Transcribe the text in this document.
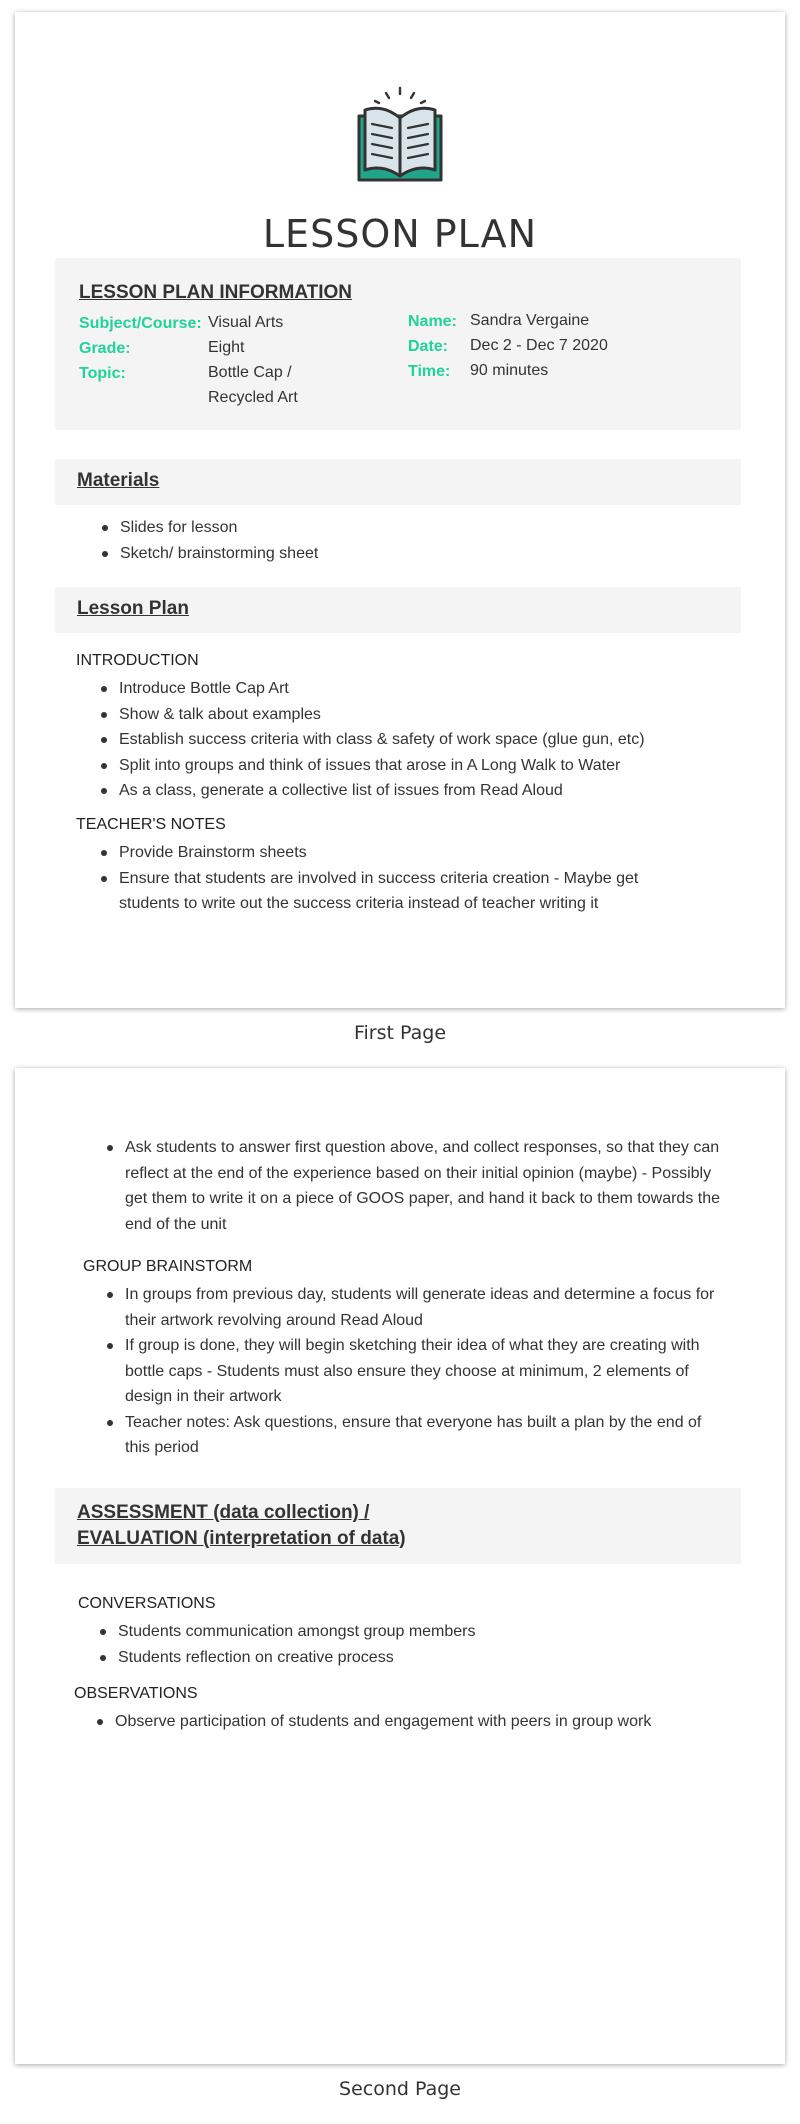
LESSON PLAN
LESSON PLAN INFORMATION
Subject/Course: Visual Arts
Grade:	Eight
Topic:	Bottle Cap /
Recycled Art
Name: Sandra Vergaine
Date: Dec 2 - Dec 7 2020
Time: 90 minutes
Materials
Slides for lesson
Sketch/ brainstorming sheet
Lesson Plan
INTRODUCTION
Introduce Bottle Cap Art
Show & talk about examples
Establish success criteria with class & safety of work space (glue gun, etc)
Split into groups and think of issues that arose in A Long Walk to Water
As a class, generate a collective list of issues from Read Aloud
TEACHER'S NOTES
Provide Brainstorm sheets
Ensure that students are involved in success criteria creation - Maybe get students to write out the success criteria instead of teacher writing it
First Page
Ask students to answer first question above, and collect responses, so that they can reflect at the end of the experience based on their initial opinion (maybe) - Possibly get them to write it on a piece of GOOS paper, and hand it back to them towards the end of the unit
GROUP BRAINSTORM
In groups from previous day, students will generate ideas and determine a focus for their artwork revolving around Read Aloud
If group is done, they will begin sketching their idea of what they are creating with bottle caps - Students must also ensure they choose at minimum, 2 elements of design in their artwork
Teacher notes: Ask questions, ensure that everyone has built a plan by the end of this period
ASSESSMENT (data collection) /
EVALUATION (interpretation of data)
CONVERSATIONS
Students communication amongst group members
Students reflection on creative process
OBSERVATIONS
Observe participation of students and engagement with peers in group work
Second Page
